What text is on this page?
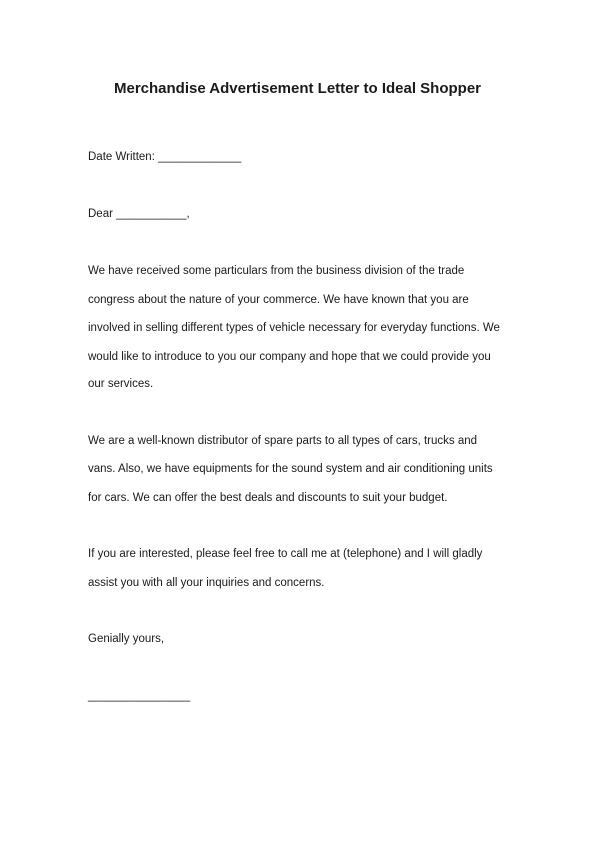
Merchandise Advertisement Letter to Ideal Shopper
Date Written: _____________
Dear ___________,
We have received some particulars from the business division of the trade
congress about the nature of your commerce. We have known that you are
involved in selling different types of vehicle necessary for everyday functions. We
would like to introduce to you our company and hope that we could provide you
our services.
We are a well-known distributor of spare parts to all types of cars, trucks and
vans. Also, we have equipments for the sound system and air conditioning units
for cars. We can offer the best deals and discounts to suit your budget.
If you are interested, please feel free to call me at (telephone) and I will gladly
assist you with all your inquiries and concerns.
Genially yours,
________________
